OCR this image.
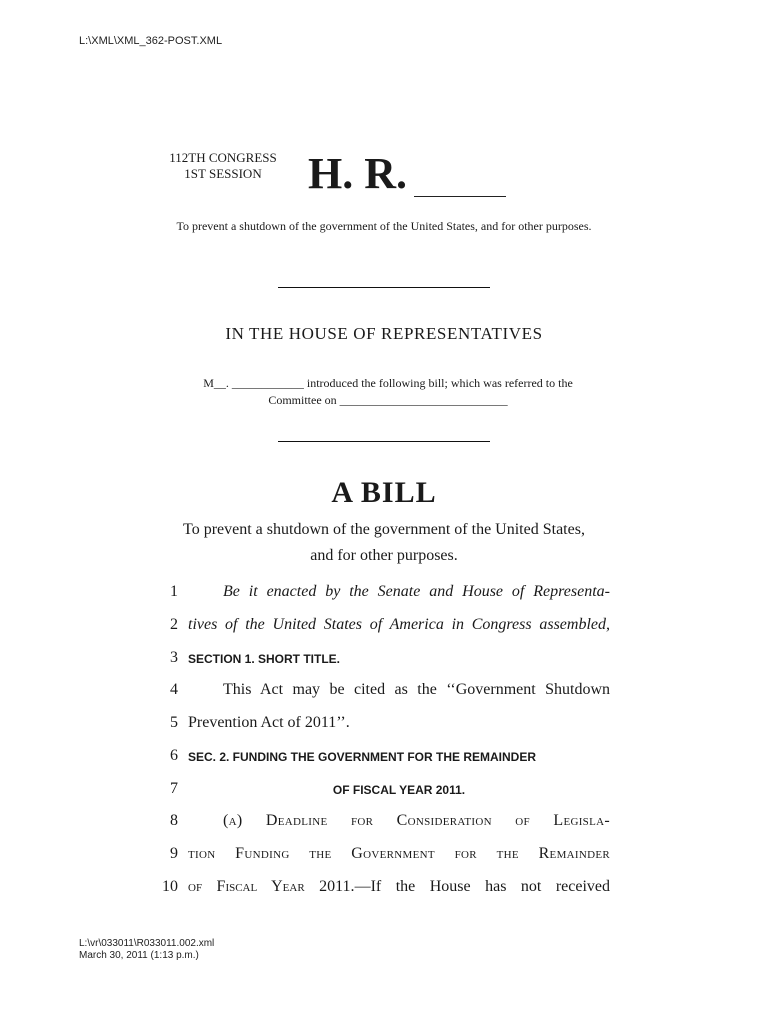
L:\XML\XML_362-POST.XML
112TH CONGRESS
1ST SESSION	H. R.
To prevent a shutdown of the government of the United States, and for other purposes.
IN THE HOUSE OF REPRESENTATIVES
M__. ____________ introduced the following bill; which was referred to the
Committee on ____________________________
A BILL
To prevent a shutdown of the government of the United States, and for other purposes.
1	Be it enacted by the Senate and House of Representa-
2 tives of the United States of America in Congress assembled,
3 SECTION 1. SHORT TITLE.
4	This Act may be cited as the ‘‘Government Shutdown
5 Prevention Act of 2011’’.
6 SEC. 2. FUNDING THE GOVERNMENT FOR THE REMAINDER
7	OF FISCAL YEAR 2011.
8	(a) Deadline for Consideration of Legisla-
9 tion Funding the Government for the Remainder
10 of Fiscal Year 2011.—If the House has not received
L:\vr\033011\R033011.002.xml
March 30, 2011 (1:13 p.m.)
